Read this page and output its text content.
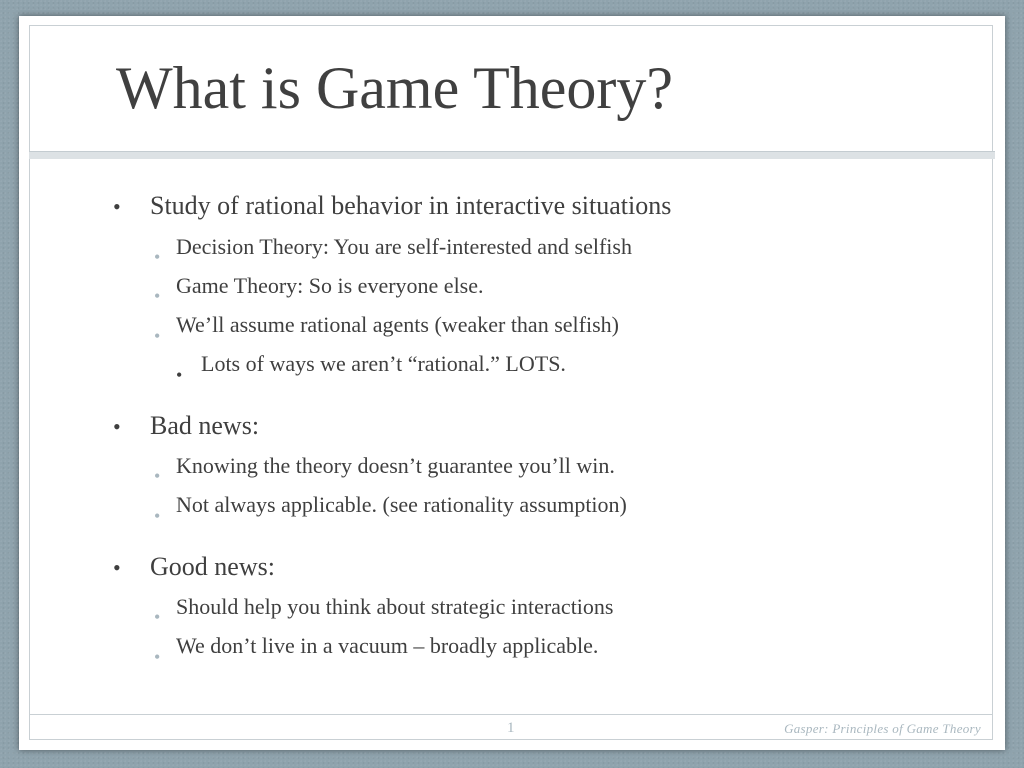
What is Game Theory?
• Study of rational behavior in interactive situations
• Decision Theory: You are self-interested and selfish
• Game Theory: So is everyone else.
• We’ll assume rational agents (weaker than selfish)
• Lots of ways we aren’t “rational.” LOTS.
• Bad news:
• Knowing the theory doesn’t guarantee you’ll win.
• Not always applicable. (see rationality assumption)
• Good news:
• Should help you think about strategic interactions
• We don’t live in a vacuum – broadly applicable.
1	Gasper: Principles of Game Theory
